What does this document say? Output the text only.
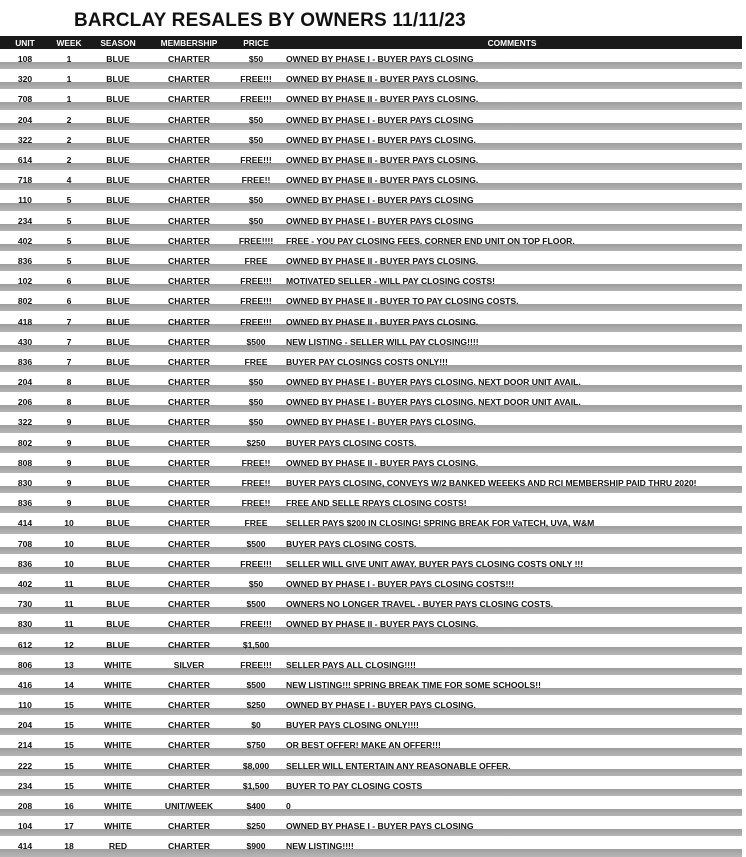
BARCLAY RESALES BY OWNERS 11/11/23
UNIT	WEEK	SEASON	MEMBERSHIP	PRICE	COMMENTS
108	1	BLUE	CHARTER	$50	OWNED BY PHASE I - BUYER PAYS CLOSING
320	1	BLUE	CHARTER	FREE!!!	OWNED BY PHASE II - BUYER PAYS CLOSING.
708	1	BLUE	CHARTER	FREE!!!	OWNED BY PHASE II - BUYER PAYS CLOSING.
204	2	BLUE	CHARTER	$50	OWNED BY PHASE I - BUYER PAYS CLOSING
322	2	BLUE	CHARTER	$50	OWNED BY PHASE I - BUYER PAYS CLOSING.
614	2	BLUE	CHARTER	FREE!!!	OWNED BY PHASE II - BUYER PAYS CLOSING.
718	4	BLUE	CHARTER	FREE!!	OWNED BY PHASE II - BUYER PAYS CLOSING.
110	5	BLUE	CHARTER	$50	OWNED BY PHASE I - BUYER PAYS CLOSING
234	5	BLUE	CHARTER	$50	OWNED BY PHASE I - BUYER PAYS CLOSING
402	5	BLUE	CHARTER	FREE!!!!	FREE - YOU PAY CLOSING FEES. CORNER END UNIT ON TOP FLOOR.
836	5	BLUE	CHARTER	FREE	OWNED BY PHASE II - BUYER PAYS CLOSING.
102	6	BLUE	CHARTER	FREE!!!	MOTIVATED SELLER - WILL PAY CLOSING COSTS!
802	6	BLUE	CHARTER	FREE!!!	OWNED BY PHASE II - BUYER TO PAY CLOSING COSTS.
418	7	BLUE	CHARTER	FREE!!!	OWNED BY PHASE II - BUYER PAYS CLOSING.
430	7	BLUE	CHARTER	$500	NEW LISTING - SELLER WILL PAY CLOSING!!!!
836	7	BLUE	CHARTER	FREE	BUYER PAY CLOSINGS COSTS ONLY!!!
204	8	BLUE	CHARTER	$50	OWNED BY PHASE I - BUYER PAYS CLOSING. NEXT DOOR UNIT AVAIL.
206	8	BLUE	CHARTER	$50	OWNED BY PHASE I - BUYER PAYS CLOSING. NEXT DOOR UNIT AVAIL.
322	9	BLUE	CHARTER	$50	OWNED BY PHASE I - BUYER PAYS CLOSING.
802	9	BLUE	CHARTER	$250	BUYER PAYS CLOSING COSTS.
808	9	BLUE	CHARTER	FREE!!	OWNED BY PHASE II - BUYER PAYS CLOSING.
830	9	BLUE	CHARTER	FREE!!	BUYER PAYS CLOSING, CONVEYS W/2 BANKED WEEEKS AND RCI MEMBERSHIP PAID THRU 2020!
836	9	BLUE	CHARTER	FREE!!	FREE AND SELLE RPAYS CLOSING COSTS!
414	10	BLUE	CHARTER	FREE	SELLER PAYS $200 IN CLOSING! SPRING BREAK FOR VaTECH, UVA, W&M
708	10	BLUE	CHARTER	$500	BUYER PAYS CLOSING COSTS.
836	10	BLUE	CHARTER	FREE!!!	SELLER WILL GIVE UNIT AWAY. BUYER PAYS CLOSING COSTS ONLY !!!
402	11	BLUE	CHARTER	$50	OWNED BY PHASE I - BUYER PAYS CLOSING COSTS!!!
730	11	BLUE	CHARTER	$500	OWNERS NO LONGER TRAVEL - BUYER PAYS CLOSING COSTS.
830	11	BLUE	CHARTER	FREE!!!	OWNED BY PHASE II - BUYER PAYS CLOSING.
612	12	BLUE	CHARTER	$1,500	
806	13	WHITE	SILVER	FREE!!!	SELLER PAYS ALL CLOSING!!!!
416	14	WHITE	CHARTER	$500	NEW LISTING!!! SPRING BREAK TIME FOR SOME SCHOOLS!!
110	15	WHITE	CHARTER	$250	OWNED BY PHASE I - BUYER PAYS CLOSING.
204	15	WHITE	CHARTER	$0	BUYER PAYS CLOSING ONLY!!!!
214	15	WHITE	CHARTER	$750	OR BEST OFFER! MAKE AN OFFER!!!
222	15	WHITE	CHARTER	$8,000	SELLER WILL ENTERTAIN ANY REASONABLE OFFER.
234	15	WHITE	CHARTER	$1,500	BUYER TO PAY CLOSING COSTS
208	16	WHITE	UNIT/WEEK	$400	0
104	17	WHITE	CHARTER	$250	OWNED BY PHASE I - BUYER PAYS CLOSING
414	18	RED	CHARTER	$900	NEW LISTING!!!!
